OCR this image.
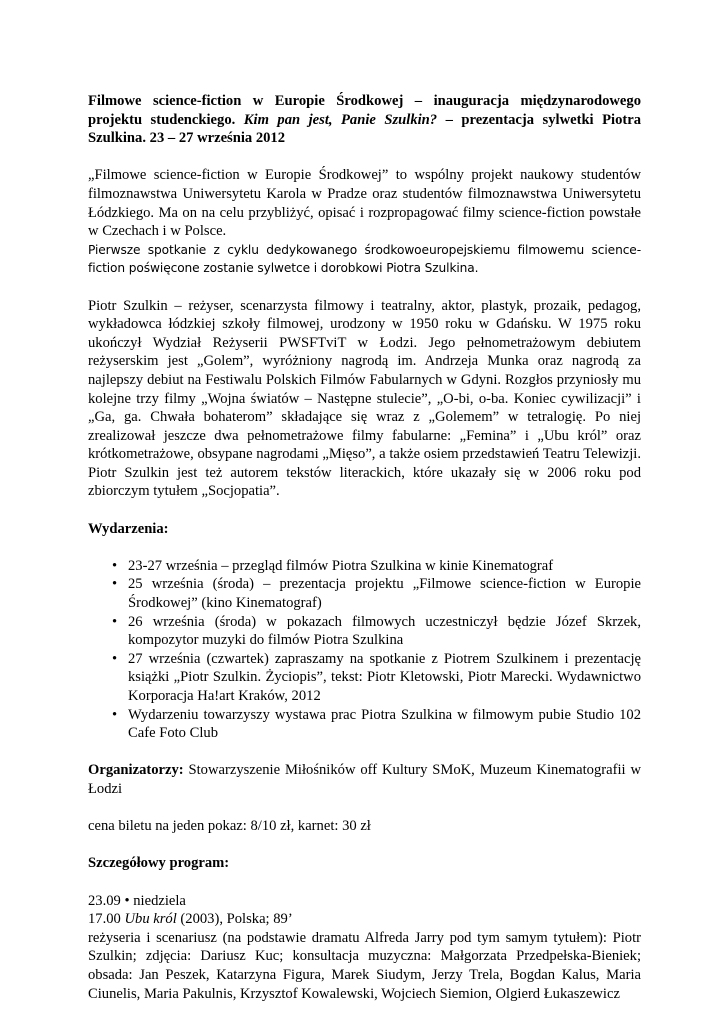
Filmowe science-fiction w Europie Środkowej – inauguracja międzynarodowego projektu studenckiego. Kim pan jest, Panie Szulkin? – prezentacja sylwetki Piotra Szulkina. 23 – 27 września 2012

„Filmowe science-fiction w Europie Środkowej” to wspólny projekt naukowy studentów filmoznawstwa Uniwersytetu Karola w Pradze oraz studentów filmoznawstwa Uniwersytetu Łódzkiego. Ma on na celu przybliżyć, opisać i rozpropagować filmy science-fiction powstałe w Czechach i w Polsce.

Pierwsze spotkanie z cyklu dedykowanego środkowoeuropejskiemu filmowemu science-fiction poświęcone zostanie sylwetce i dorobkowi Piotra Szulkina.

Piotr Szulkin – reżyser, scenarzysta filmowy i teatralny, aktor, plastyk, prozaik, pedagog, wykładowca łódzkiej szkoły filmowej, urodzony w 1950 roku w Gdańsku. W 1975 roku ukończył Wydział Reżyserii PWSFTviT w Łodzi. Jego pełnometrażowym debiutem reżyserskim jest „Golem”, wyróżniony nagrodą im. Andrzeja Munka oraz nagrodą za najlepszy debiut na Festiwalu Polskich Filmów Fabularnych w Gdyni. Rozgłos przyniosły mu kolejne trzy filmy „Wojna światów – Następne stulecie”, „O-bi, o-ba. Koniec cywilizacji” i „Ga, ga. Chwała bohaterom” składające się wraz z „Golemem” w tetralogię. Po niej zrealizował jeszcze dwa pełnometrażowe filmy fabularne: „Femina” i „Ubu król” oraz krótkometrażowe, obsypane nagrodami „Mięso”, a także osiem przedstawień Teatru Telewizji. Piotr Szulkin jest też autorem tekstów literackich, które ukazały się w 2006 roku pod zbiorczym tytułem „Socjopatia”.

Wydarzenia:
• 23-27 września – przegląd filmów Piotra Szulkina w kinie Kinematograf
• 25 września (środa) – prezentacja projektu „Filmowe science-fiction w Europie Środkowej” (kino Kinematograf)
• 26 września (środa) w pokazach filmowych uczestniczył będzie Józef Skrzek, kompozytor muzyki do filmów Piotra Szulkina
• 27 września (czwartek) zapraszamy na spotkanie z Piotrem Szulkinem i prezentację książki „Piotr Szulkin. Życiopis”, tekst: Piotr Kletowski, Piotr Marecki. Wydawnictwo Korporacja Ha!art Kraków, 2012
• Wydarzeniu towarzyszy wystawa prac Piotra Szulkina w filmowym pubie Studio 102 Cafe Foto Club

Organizatorzy: Stowarzyszenie Miłośników off Kultury SMoK, Muzeum Kinematografii w Łodzi

cena biletu na jeden pokaz: 8/10 zł, karnet: 30 zł

Szczegółowy program:

23.09 • niedziela

17.00 Ubu król (2003), Polska; 89’

reżyseria i scenariusz (na podstawie dramatu Alfreda Jarry pod tym samym tytułem): Piotr Szulkin; zdjęcia: Dariusz Kuc; konsultacja muzyczna: Małgorzata Przedpełska-Bieniek; obsada: Jan Peszek, Katarzyna Figura, Marek Siudym, Jerzy Trela, Bogdan Kalus, Maria Ciunelis, Maria Pakulnis, Krzysztof Kowalewski, Wojciech Siemion, Olgierd Łukaszewicz
